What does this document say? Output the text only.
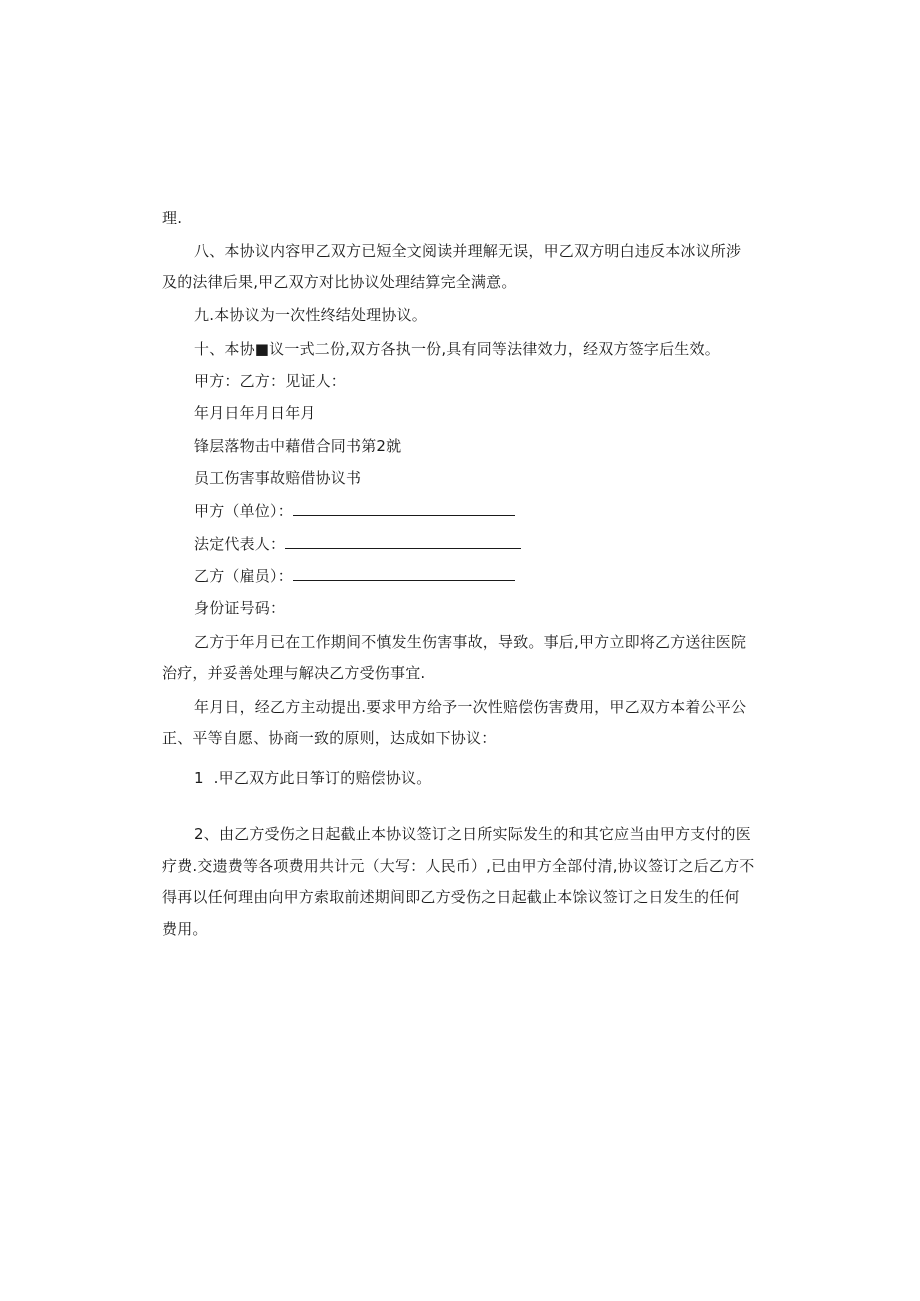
理.
八、本协议内容甲乙双方已短全文阅读并理解无误，甲乙双方明白违反本冰议所涉
及的法律后果,甲乙双方对比协议处理结算完全满意。
九.本协议为一次性终结处理协议。
十、本协■议一式二份,双方各执一份,具有同等法律效力，经双方签字后生效。
甲方：乙方：见证人：
年月日年月日年月
锋层落物击中藉借合同书第2就
员工伤害事故赔借协议书
甲方（单位）：
法定代表人：
乙方（雇员）：
身份证号码：
乙方于年月已在工作期间不慎发生伤害事故，导致。事后,甲方立即将乙方送往医院
治疗，并妥善处理与解决乙方受伤事宜.
年月日，经乙方主动提出.要求甲方给予一次性赔偿伤害费用，甲乙双方本着公平公
正、平等自愿、协商一致的原则，达成如下协议：
1  .甲乙双方此日筝订的赔偿协议。
2、由乙方受伤之日起截止本协议签订之日所实际发生的和其它应当由甲方支付的医
疗费.交遗费等各项费用共计元（大写：人民币）,已由甲方全部付清,协议签订之后乙方不
得再以任何理由向甲方索取前述期间即乙方受伤之日起截止本馀议签订之日发生的任何
费用。
